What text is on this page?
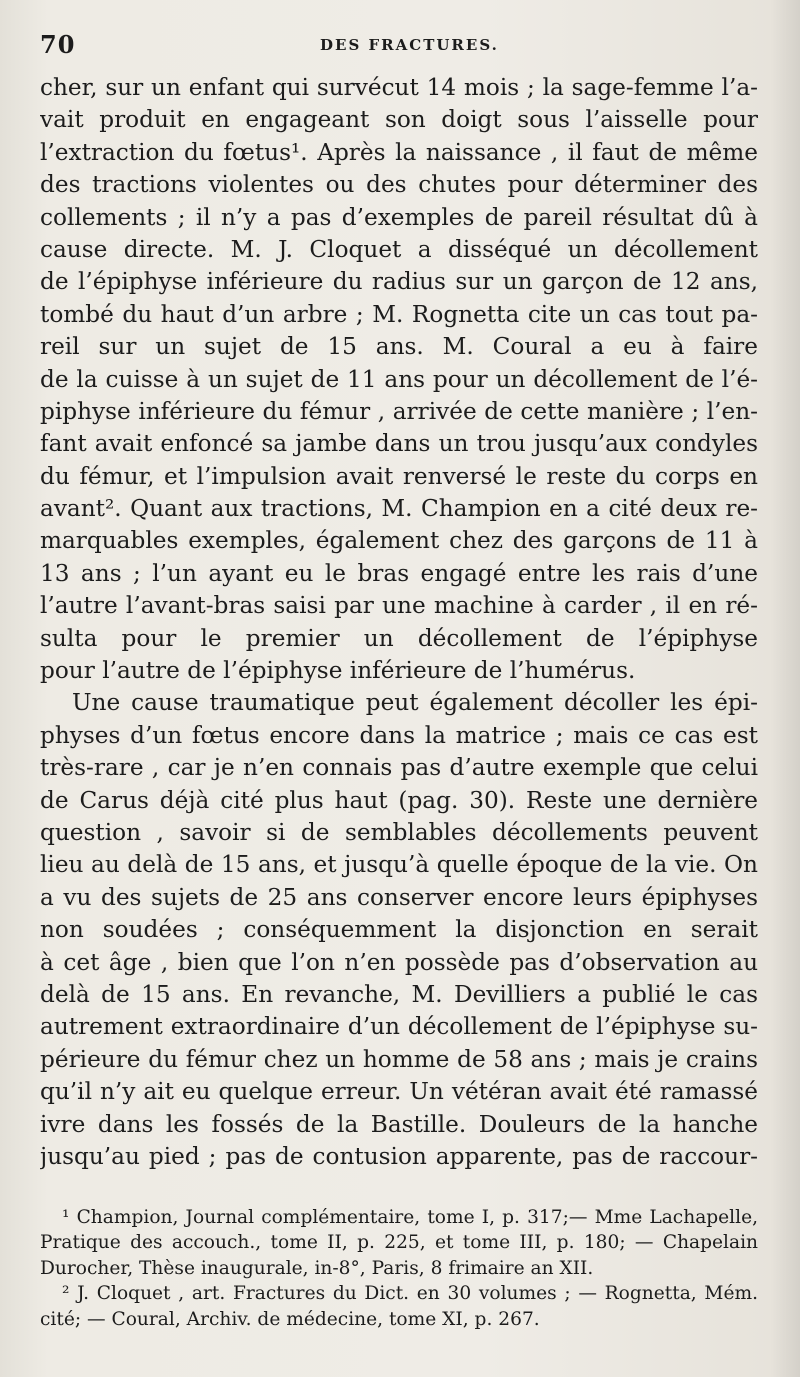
70	DES FRACTURES.
cher, sur un enfant qui survécut 14 mois ; la sage-femme l’a-
vait produit en engageant son doigt sous l’aisselle pour
l’extraction du fœtus¹. Après la naissance , il faut de même
des tractions violentes ou des chutes pour déterminer des
collements ; il n’y a pas d’exemples de pareil résultat dû à
cause directe. M. J. Cloquet a disséqué un décollement
de l’épiphyse inférieure du radius sur un garçon de 12 ans,
tombé du haut d’un arbre ; M. Rognetta cite un cas tout pa-
reil sur un sujet de 15 ans. M. Coural a eu à faire
de la cuisse à un sujet de 11 ans pour un décollement de l’é-
piphyse inférieure du fémur , arrivée de cette manière ; l’en-
fant avait enfoncé sa jambe dans un trou jusqu’aux condyles
du fémur, et l’impulsion avait renversé le reste du corps en
avant². Quant aux tractions, M. Champion en a cité deux re-
marquables exemples, également chez des garçons de 11 à
13 ans ; l’un ayant eu le bras engagé entre les rais d’une
l’autre l’avant-bras saisi par une machine à carder , il en ré-
sulta pour le premier un décollement de l’épiphyse
pour l’autre de l’épiphyse inférieure de l’humérus.
Une cause traumatique peut également décoller les épi-
physes d’un fœtus encore dans la matrice ; mais ce cas est
très-rare , car je n’en connais pas d’autre exemple que celui
de Carus déjà cité plus haut (pag. 30). Reste une dernière
question , savoir si de semblables décollements peuvent
lieu au delà de 15 ans, et jusqu’à quelle époque de la vie. On
a vu des sujets de 25 ans conserver encore leurs épiphyses
non soudées ; conséquemment la disjonction en serait
à cet âge , bien que l’on n’en possède pas d’observation au
delà de 15 ans. En revanche, M. Devilliers a publié le cas
autrement extraordinaire d’un décollement de l’épiphyse su-
périeure du fémur chez un homme de 58 ans ; mais je crains
qu’il n’y ait eu quelque erreur. Un vétéran avait été ramassé
ivre dans les fossés de la Bastille. Douleurs de la hanche
jusqu’au pied ; pas de contusion apparente, pas de raccour-
¹ Champion, Journal complémentaire, tome I, p. 317;— Mme Lachapelle,
Pratique des accouch., tome II, p. 225, et tome III, p. 180; — Chapelain
Durocher, Thèse inaugurale, in-8°, Paris, 8 frimaire an XII.
² J. Cloquet , art. Fractures du Dict. en 30 volumes ; — Rognetta, Mém.
cité; — Coural, Archiv. de médecine, tome XI, p. 267.
